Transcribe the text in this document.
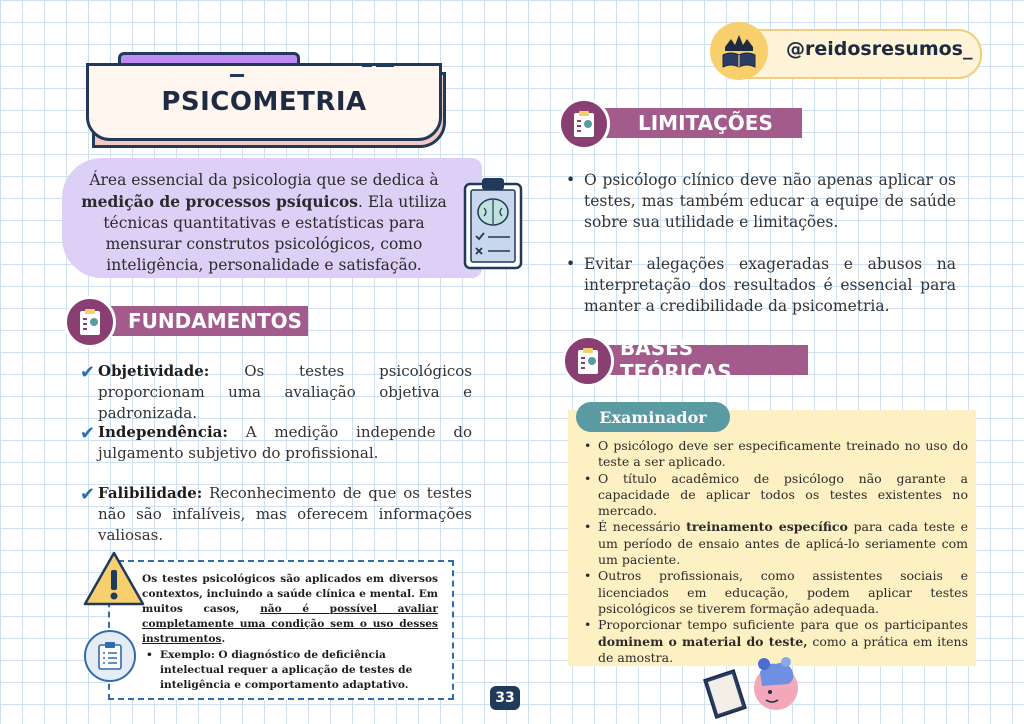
PSICOMETRIA
@reidosresumos_
Área essencial da psicologia que se dedica à medição de processos psíquicos. Ela utiliza técnicas quantitativas e estatísticas para mensurar construtos psicológicos, como inteligência, personalidade e satisfação.
FUNDAMENTOS
✔ Objetividade: Os testes psicológicos proporcionam uma avaliação objetiva e padronizada.
✔ Independência: A medição independe do julgamento subjetivo do profissional.
✔ Falibilidade: Reconhecimento de que os testes não são infalíveis, mas oferecem informações valiosas.
Os testes psicológicos são aplicados em diversos contextos, incluindo a saúde clínica e mental. Em muitos casos, não é possível avaliar completamente uma condição sem o uso desses instrumentos.
• Exemplo: O diagnóstico de deficiência intelectual requer a aplicação de testes de inteligência e comportamento adaptativo.
LIMITAÇÕES
• O psicólogo clínico deve não apenas aplicar os testes, mas também educar a equipe de saúde sobre sua utilidade e limitações.
• Evitar alegações exageradas e abusos na interpretação dos resultados é essencial para manter a credibilidade da psicometria.
BASES TEÓRICAS
Examinador
• O psicólogo deve ser especificamente treinado no uso do teste a ser aplicado.
• O título acadêmico de psicólogo não garante a capacidade de aplicar todos os testes existentes no mercado.
• É necessário treinamento específico para cada teste e um período de ensaio antes de aplicá-lo seriamente com um paciente.
• Outros profissionais, como assistentes sociais e licenciados em educação, podem aplicar testes psicológicos se tiverem formação adequada.
• Proporcionar tempo suficiente para que os participantes dominem o material do teste, como a prática em itens de amostra.
33
